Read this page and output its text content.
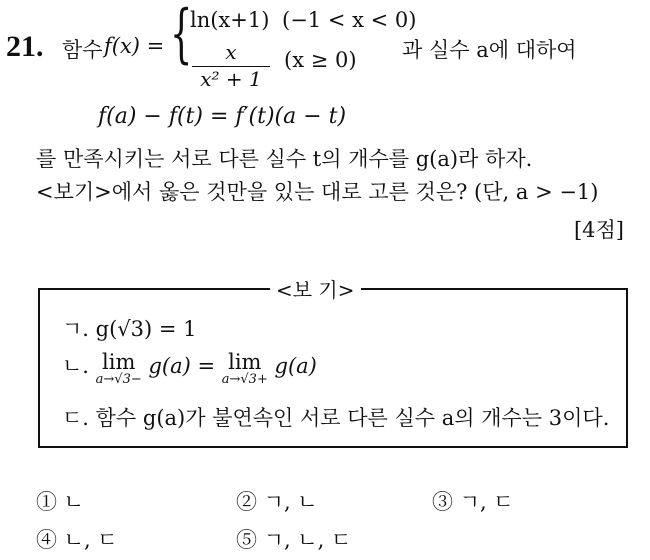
21. 함수 f(x) = {
ln(x+1) (−1 < x < 0)
x
x² + 1
(x ≥ 0) 과 실수 a에 대하여
f(a) − f(t) = f′(t)(a − t)
를 만족시키는 서로 다른 실수 t의 개수를 g(a)라 하자.
<보기>에서 옳은 것만을 있는 대로 고른 것은? (단, a > −1)
[4점]
<보 기>
ㄱ. g(√3) = 1
ㄴ. lim
a→√3−
g(a) = lim
a→√3+
g(a)
ㄷ. 함수 g(a)가 불연속인 서로 다른 실수 a의 개수는 3이다.
① ㄴ	② ㄱ, ㄴ	③ ㄱ, ㄷ
④ ㄴ, ㄷ	⑤ ㄱ, ㄴ, ㄷ
